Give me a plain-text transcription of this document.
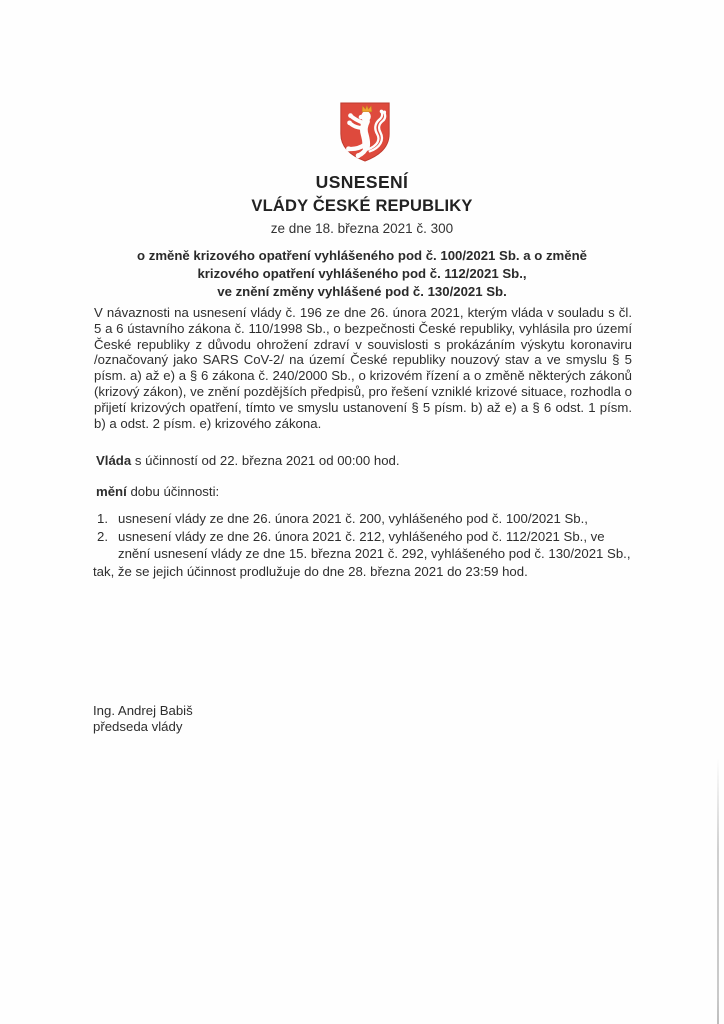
USNESENÍ
VLÁDY ČESKÉ REPUBLIKY
ze dne 18. března 2021 č. 300
o změně krizového opatření vyhlášeného pod č. 100/2021 Sb. a o změně
krizového opatření vyhlášeného pod č. 112/2021 Sb.,
ve znění změny vyhlášené pod č. 130/2021 Sb.

V návaznosti na usnesení vlády č. 196 ze dne 26. února 2021, kterým vláda v souladu s čl. 5 a 6 ústavního zákona č. 110/1998 Sb., o bezpečnosti České republiky, vyhlásila pro území České republiky z důvodu ohrožení zdraví v souvislosti s prokázáním výskytu koronaviru /označovaný jako SARS CoV-2/ na území České republiky nouzový stav a ve smyslu § 5 písm. a) až e) a § 6 zákona č. 240/2000 Sb., o krizovém řízení a o změně některých zákonů (krizový zákon), ve znění pozdějších předpisů, pro řešení vzniklé krizové situace, rozhodla o přijetí krizových opatření, tímto ve smyslu ustanovení § 5 písm. b) až e) a § 6 odst. 1 písm. b) a odst. 2 písm. e) krizového zákona.

Vláda s účinností od 22. března 2021 od 00:00 hod.

mění dobu účinnosti:

1. usnesení vlády ze dne 26. února 2021 č. 200, vyhlášeného pod č. 100/2021 Sb.,
2. usnesení vlády ze dne 26. února 2021 č. 212, vyhlášeného pod č. 112/2021 Sb., ve znění usnesení vlády ze dne 15. března 2021 č. 292, vyhlášeného pod č. 130/2021 Sb.,
tak, že se jejich účinnost prodlužuje do dne 28. března 2021 do 23:59 hod.
Ing. Andrej Babiš
předseda vlády
